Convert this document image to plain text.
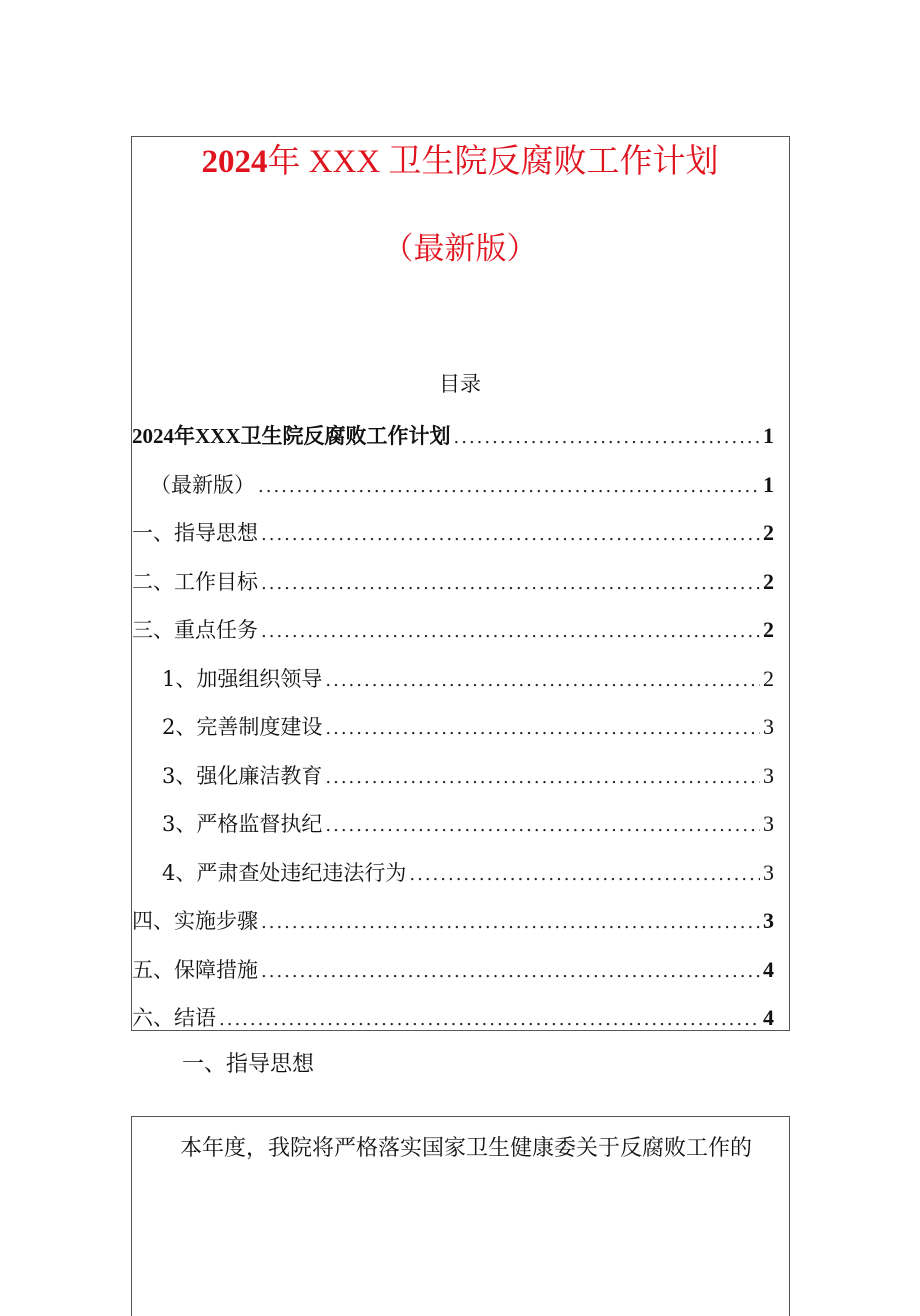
2024年 XXX 卫生院反腐败工作计划
（最新版）
目录
2024年XXX卫生院反腐败工作计划 .....	1
（最新版） .....	1
一、指导思想 .....	2
二、工作目标 .....	2
三、重点任务 .....	2
1、加强组织领导 .....	2
2、完善制度建设 .....	3
3、强化廉洁教育 .....	3
3、严格监督执纪 .....	3
4、严肃查处违纪违法行为 .....	3
四、实施步骤 .....	3
五、保障措施 .....	4
六、结语 .....	4
一、指导思想
本年度，我院将严格落实国家卫生健康委关于反腐败工作的
